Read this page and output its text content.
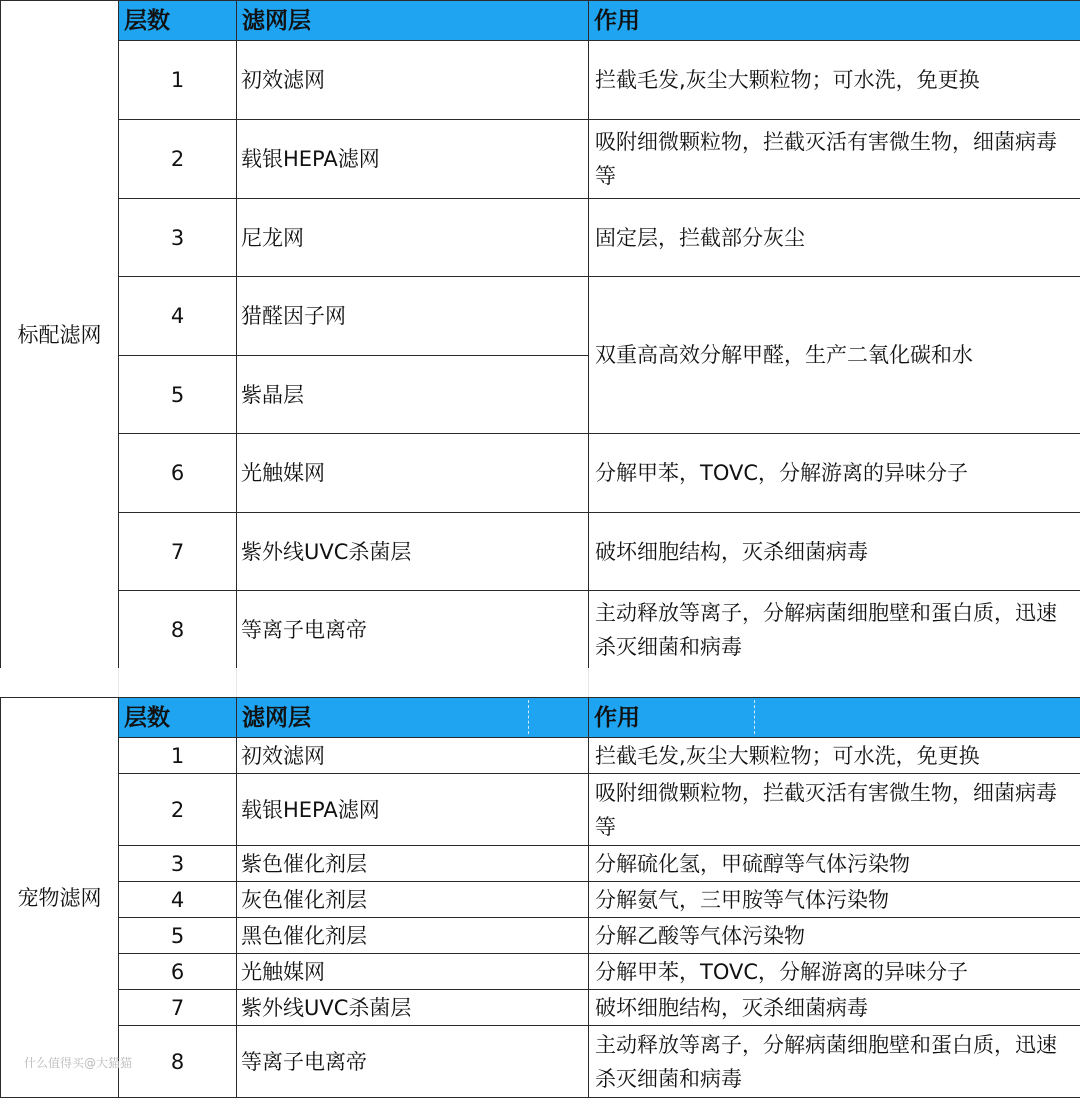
标配滤网	层数	滤网层	作用
	1	初效滤网	拦截毛发,灰尘大颗粒物；可水洗，免更换
	2	载银HEPA滤网	吸附细微颗粒物，拦截灭活有害微生物，细菌病毒等
	3	尼龙网	固定层，拦截部分灰尘
	4	猎醛因子网	双重高高效分解甲醛，生产二氧化碳和水
	5	紫晶层	
	6	光触媒网	分解甲苯，TOVC，分解游离的异味分子
	7	紫外线UVC杀菌层	破坏细胞结构，灭杀细菌病毒
	8	等离子电离帝	主动释放等离子，分解病菌细胞壁和蛋白质，迅速杀灭细菌和病毒
宠物滤网	层数	滤网层	作用
	1	初效滤网	拦截毛发,灰尘大颗粒物；可水洗，免更换
	2	载银HEPA滤网	吸附细微颗粒物，拦截灭活有害微生物，细菌病毒等
	3	紫色催化剂层	分解硫化氢，甲硫醇等气体污染物
	4	灰色催化剂层	分解氨气，三甲胺等气体污染物
	5	黑色催化剂层	分解乙酸等气体污染物
	6	光触媒网	分解甲苯，TOVC，分解游离的异味分子
	7	紫外线UVC杀菌层	破坏细胞结构，灭杀细菌病毒
	8	等离子电离帝	主动释放等离子，分解病菌细胞壁和蛋白质，迅速杀灭细菌和病毒
什么值得买@大猫猫
